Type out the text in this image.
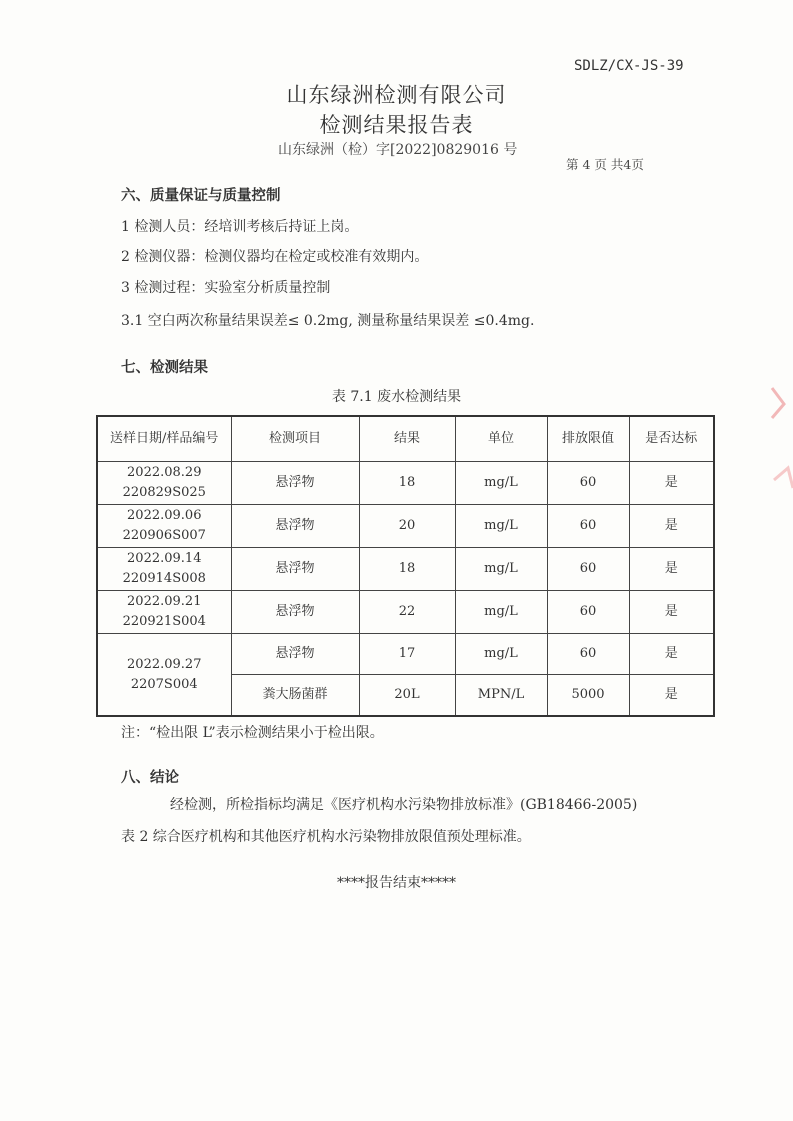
SDLZ/CX-JS-39
山东绿洲检测有限公司
检测结果报告表
山东绿洲（检）字[2022]0829016 号
第 4 页 共4页
六、质量保证与质量控制
1 检测人员：经培训考核后持证上岗。
2 检测仪器：检测仪器均在检定或校准有效期内。
3 检测过程：实验室分析质量控制
3.1 空白两次称量结果误差≤ 0.2mg, 测量称量结果误差 ≤0.4mg.
七、检测结果
表 7.1 废水检测结果
送样日期/样品编号	检测项目	结果	单位	排放限值	是否达标
2022.08.29
220829S025	悬浮物	18	mg/L	60	是
2022.09.06
220906S007	悬浮物	20	mg/L	60	是
2022.09.14
220914S008	悬浮物	18	mg/L	60	是
2022.09.21
220921S004	悬浮物	22	mg/L	60	是
2022.09.27
2207S004	悬浮物	17	mg/L	60	是
	粪大肠菌群	20L	MPN/L	5000	是
注：“检出限 L”表示检测结果小于检出限。
八、结论
经检测，所检指标均满足《医疗机构水污染物排放标准》(GB18466-2005)
表 2 综合医疗机构和其他医疗机构水污染物排放限值预处理标准。
****报告结束*****
